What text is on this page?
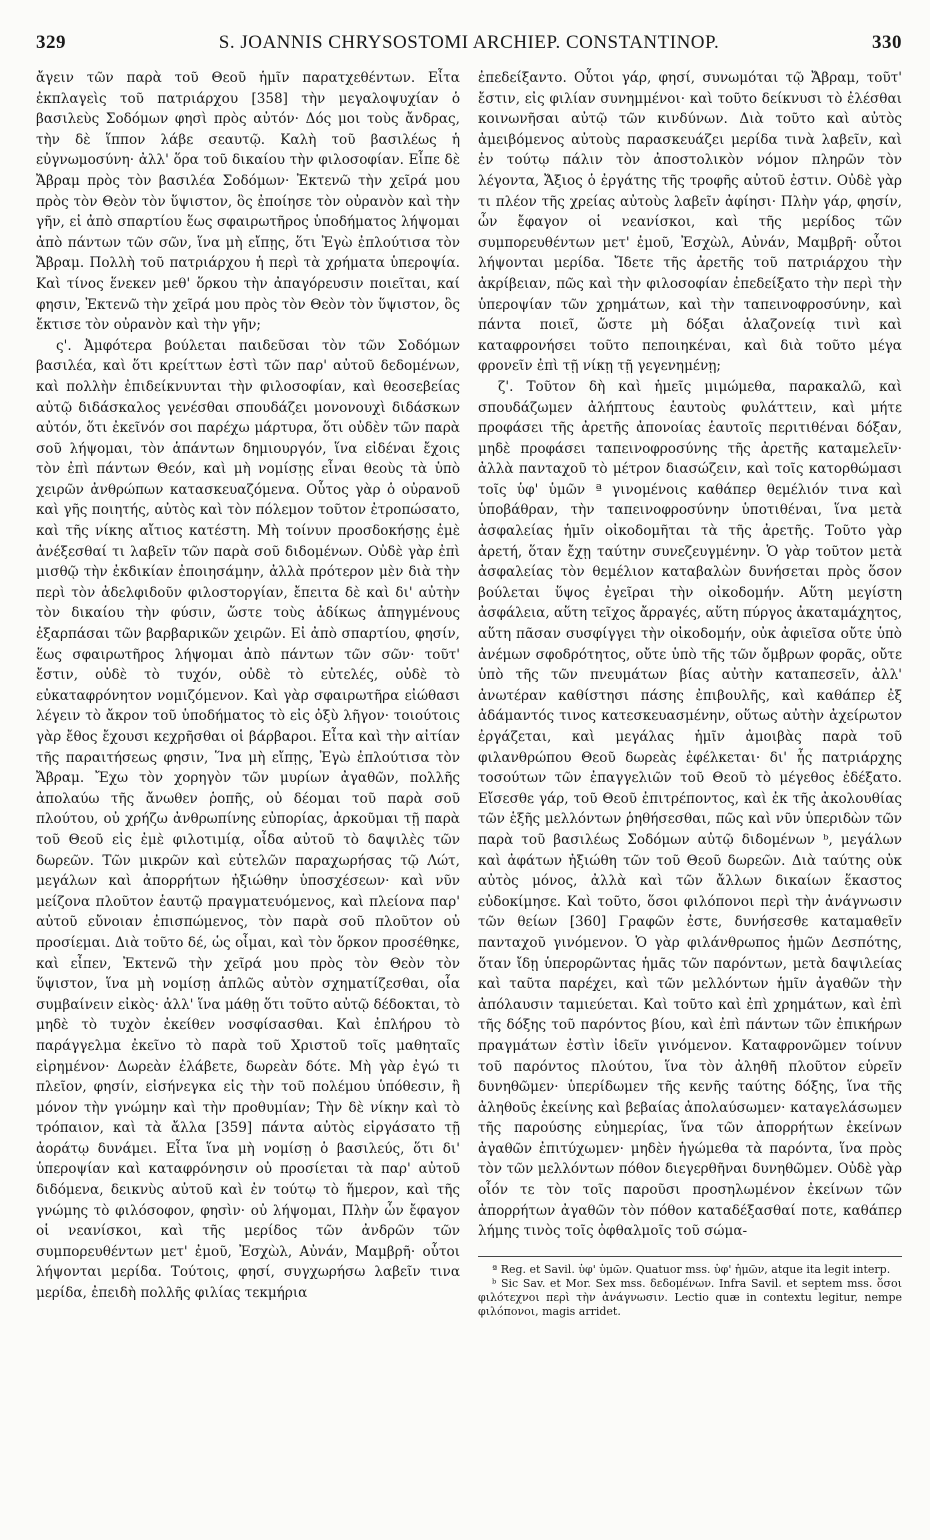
329	S. JOANNIS CHRYSOSTOMI ARCHIEP. CONSTANTINOP.	330

ἄγειν τῶν παρὰ τοῦ Θεοῦ ἡμῖν παρατχεθέντων. Εἶτα ἐκπλαγεὶς τοῦ πατριάρχου [358] τὴν μεγαλοψυχίαν ὁ βασιλεὺς Σοδόμων φησὶ πρὸς αὐτόν· Δός μοι τοὺς ἄνδρας, τὴν δὲ ἵππον λάβε σεαυτῷ. Καλὴ τοῦ βασιλέως ἡ εὐγνωμοσύνη· ἀλλ' ὅρα τοῦ δικαίου τὴν φιλοσοφίαν. Εἶπε δὲ Ἄβραμ πρὸς τὸν βασιλέα Σοδόμων· Ἐκτενῶ τὴν χεῖρά μου πρὸς τὸν Θεὸν τὸν ὕψιστον, ὃς ἐποίησε τὸν οὐρανὸν καὶ τὴν γῆν, εἰ ἀπὸ σπαρτίου ἕως σφαιρωτῆρος ὑποδήματος λήψομαι ἀπὸ πάντων τῶν σῶν, ἵνα μὴ εἴπῃς, ὅτι Ἐγὼ ἐπλούτισα τὸν Ἄβραμ. Πολλὴ τοῦ πατριάρχου ἡ περὶ τὰ χρήματα ὑπεροψία. Καὶ τίνος ἕνεκεν μεθ' ὅρκου τὴν ἀπαγόρευσιν ποιεῖται, καί φησιν, Ἐκτενῶ τὴν χεῖρά μου πρὸς τὸν Θεὸν τὸν ὕψιστον, ὃς ἔκτισε τὸν οὐρανὸν καὶ τὴν γῆν;

ς'. Ἀμφότερα βούλεται παιδεῦσαι τὸν τῶν Σοδόμων βασιλέα, καὶ ὅτι κρείττων ἐστὶ τῶν παρ' αὐτοῦ δεδομένων, καὶ πολλὴν ἐπιδείκνυνται τὴν φιλοσοφίαν, καὶ θεοσεβείας αὐτῷ διδάσκαλος γενέσθαι σπουδάζει μονονουχὶ διδάσκων αὐτόν, ὅτι ἐκεῖνόν σοι παρέχω μάρτυρα, ὅτι οὐδὲν τῶν παρὰ σοῦ λήψομαι, τὸν ἁπάντων δημιουργόν, ἵνα εἰδέναι ἔχοις τὸν ἐπὶ πάντων Θεόν, καὶ μὴ νομίσῃς εἶναι θεοὺς τὰ ὑπὸ χειρῶν ἀνθρώπων κατασκευαζόμενα. Οὗτος γὰρ ὁ οὐρανοῦ καὶ γῆς ποιητής, αὐτὸς καὶ τὸν πόλεμον τοῦτον ἐτροπώσατο, καὶ τῆς νίκης αἴτιος κατέστη. Μὴ τοίνυν προσδοκήσῃς ἐμὲ ἀνέξεσθαί τι λαβεῖν τῶν παρὰ σοῦ διδομένων. Οὐδὲ γὰρ ἐπὶ μισθῷ τὴν ἐκδικίαν ἐποιησάμην, ἀλλὰ πρότερον μὲν διὰ τὴν περὶ τὸν ἀδελφιδοῦν φιλοστοργίαν, ἔπειτα δὲ καὶ δι' αὐτὴν τὸν δικαίου τὴν φύσιν, ὥστε τοὺς ἀδίκως ἀπηγμένους ἐξαρπάσαι τῶν βαρβαρικῶν χειρῶν. Εἰ ἀπὸ σπαρτίου, φησίν, ἕως σφαιρωτῆρος λήψομαι ἀπὸ πάντων τῶν σῶν· τοῦτ' ἔστιν, οὐδὲ τὸ τυχόν, οὐδὲ τὸ εὐτελές, οὐδὲ τὸ εὐκαταφρόνητον νομιζόμενον. Καὶ γὰρ σφαιρωτῆρα εἰώθασι λέγειν τὸ ἄκρον τοῦ ὑποδήματος τὸ εἰς ὀξὺ λῆγον· τοιούτοις γὰρ ἔθος ἔχουσι κεχρῆσθαι οἱ βάρβαροι. Εἶτα καὶ τὴν αἰτίαν τῆς παραιτήσεως φησιν, Ἵνα μὴ εἴπῃς, Ἐγὼ ἐπλούτισα τὸν Ἄβραμ. Ἔχω τὸν χορηγὸν τῶν μυρίων ἀγαθῶν, πολλῆς ἀπολαύω τῆς ἄνωθεν ῥοπῆς, οὐ δέομαι τοῦ παρὰ σοῦ πλούτου, οὐ χρήζω ἀνθρωπίνης εὐπορίας, ἀρκοῦμαι τῇ παρὰ τοῦ Θεοῦ εἰς ἐμὲ φιλοτιμίᾳ, οἶδα αὐτοῦ τὸ δαψιλὲς τῶν δωρεῶν. Τῶν μικρῶν καὶ εὐτελῶν παραχωρήσας τῷ Λώτ, μεγάλων καὶ ἀπορρήτων ἠξιώθην ὑποσχέσεων· καὶ νῦν μείζονα πλοῦτον ἑαυτῷ πραγματευόμενος, καὶ πλείονα παρ' αὐτοῦ εὔνοιαν ἐπισπώμενος, τὸν παρὰ σοῦ πλοῦτον οὐ προσίεμαι. Διὰ τοῦτο δέ, ὡς οἶμαι, καὶ τὸν ὅρκον προσέθηκε, καὶ εἶπεν, Ἐκτενῶ τὴν χεῖρά μου πρὸς τὸν Θεὸν τὸν ὕψιστον, ἵνα μὴ νομίσῃ ἁπλῶς αὐτὸν σχηματίζεσθαι, οἷα συμβαίνειν εἰκὸς· ἀλλ' ἵνα μάθῃ ὅτι τοῦτο αὐτῷ δέδοκται, τὸ μηδὲ τὸ τυχὸν ἐκείθεν νοσφίσασθαι. Καὶ ἐπλήρου τὸ παράγγελμα ἐκεῖνο τὸ παρὰ τοῦ Χριστοῦ τοῖς μαθηταῖς εἰρημένον· Δωρεὰν ἐλάβετε, δωρεὰν δότε. Μὴ γὰρ ἐγώ τι πλεῖον, φησίν, εἰσήνεγκα εἰς τὴν τοῦ πολέμου ὑπόθεσιν, ἢ μόνον τὴν γνώμην καὶ τὴν προθυμίαν; Τὴν δὲ νίκην καὶ τὸ τρόπαιον, καὶ τὰ ἄλλα [359] πάντα αὐτὸς εἰργάσατο τῇ ἀοράτῳ δυνάμει. Εἶτα ἵνα μὴ νομίσῃ ὁ βασιλεύς, ὅτι δι' ὑπεροψίαν καὶ καταφρόνησιν οὐ προσίεται τὰ παρ' αὐτοῦ διδόμενα, δεικνὺς αὐτοῦ καὶ ἐν τούτῳ τὸ ἥμερον, καὶ τῆς γνώμης τὸ φιλόσοφον, φησὶν· οὐ λήψομαι, Πλὴν ὧν ἔφαγον οἱ νεανίσκοι, καὶ τῆς μερίδος τῶν ἀνδρῶν τῶν συμπορευθέντων μετ' ἐμοῦ, Ἐσχὼλ, Αὐνάν, Μαμβρῆ· οὗτοι λήψονται μερίδα. Τούτοις, φησί, συγχωρήσω λαβεῖν τινα μερίδα, ἐπειδὴ πολλῆς φιλίας τεκμήρια

ἐπεδείξαντο. Οὗτοι γάρ, φησί, συνωμόται τῷ Ἄβραμ, τοῦτ' ἔστιν, εἰς φιλίαν συνημμένοι· καὶ τοῦτο δείκνυσι τὸ ἐλέσθαι κοινωνῆσαι αὐτῷ τῶν κινδύνων. Διὰ τοῦτο καὶ αὐτὸς ἀμειβόμενος αὐτοὺς παρασκευάζει μερίδα τινὰ λαβεῖν, καὶ ἐν τούτῳ πάλιν τὸν ἀποστολικὸν νόμον πληρῶν τὸν λέγοντα, Ἄξιος ὁ ἐργάτης τῆς τροφῆς αὐτοῦ ἐστιν. Οὐδὲ γὰρ τι πλέον τῆς χρείας αὐτοὺς λαβεῖν ἀφίησι· Πλὴν γάρ, φησίν, ὧν ἔφαγον οἱ νεανίσκοι, καὶ τῆς μερίδος τῶν συμπορευθέντων μετ' ἐμοῦ, Ἐσχὼλ, Αὐνάν, Μαμβρῆ· οὗτοι λήψονται μερίδα. Ἴδετε τῆς ἀρετῆς τοῦ πατριάρχου τὴν ἀκρίβειαν, πῶς καὶ τὴν φιλοσοφίαν ἐπεδείξατο τὴν περὶ τὴν ὑπεροψίαν τῶν χρημάτων, καὶ τὴν ταπεινοφροσύνην, καὶ πάντα ποιεῖ, ὥστε μὴ δόξαι ἀλαζονείᾳ τινὶ καὶ καταφρονήσει τοῦτο πεποιηκέναι, καὶ διὰ τοῦτο μέγα φρονεῖν ἐπὶ τῇ νίκῃ τῇ γεγενημένῃ;

ζ'. Τοῦτον δὴ καὶ ἡμεῖς μιμώμεθα, παρακαλῶ, καὶ σπουδάζωμεν ἀλήπτους ἑαυτοὺς φυλάττειν, καὶ μήτε προφάσει τῆς ἀρετῆς ἀπονοίας ἑαυτοῖς περιτιθέναι δόξαν, μηδὲ προφάσει ταπεινοφροσύνης τῆς ἀρετῆς καταμελεῖν· ἀλλὰ πανταχοῦ τὸ μέτρον διασώζειν, καὶ τοῖς κατορθώμασι τοῖς ὑφ' ὑμῶν ª γινομένοις καθάπερ θεμέλιόν τινα καὶ ὑποβάθραν, τὴν ταπεινοφροσύνην ὑποτιθέναι, ἵνα μετὰ ἀσφαλείας ἡμῖν οἰκοδομῆται τὰ τῆς ἀρετῆς. Τοῦτο γὰρ ἀρετή, ὅταν ἔχῃ ταύτην συνεζευγμένην. Ὁ γὰρ τοῦτον μετὰ ἀσφαλείας τὸν θεμέλιον καταβαλὼν δυνήσεται πρὸς ὅσον βούλεται ὕψος ἐγεῖραι τὴν οἰκοδομήν. Αὕτη μεγίστη ἀσφάλεια, αὕτη τεῖχος ἄρραγές, αὕτη πύργος ἀκαταμάχητος, αὕτη πᾶσαν συσφίγγει τὴν οἰκοδομήν, οὐκ ἀφιεῖσα οὔτε ὑπὸ ἀνέμων σφοδρότητος, οὔτε ὑπὸ τῆς τῶν ὄμβρων φορᾶς, οὔτε ὑπὸ τῆς τῶν πνευμάτων βίας αὐτὴν καταπεσεῖν, ἀλλ' ἀνωτέραν καθίστησι πάσης ἐπιβουλῆς, καὶ καθάπερ ἐξ ἀδάμαντός τινος κατεσκευασμένην, οὕτως αὐτὴν ἀχείρωτον ἐργάζεται, καὶ μεγάλας ἡμῖν ἀμοιβὰς παρὰ τοῦ φιλανθρώπου Θεοῦ δωρεὰς ἐφέλκεται· δι' ἧς πατριάρχης τοσούτων τῶν ἐπαγγελιῶν τοῦ Θεοῦ τὸ μέγεθος ἐδέξατο. Εἴσεσθε γάρ, τοῦ Θεοῦ ἐπιτρέποντος, καὶ ἐκ τῆς ἀκολουθίας τῶν ἑξῆς μελλόντων ῥηθήσεσθαι, πῶς καὶ νῦν ὑπεριδὼν τῶν παρὰ τοῦ βασιλέως Σοδόμων αὐτῷ διδομένων ᵇ, μεγάλων καὶ ἀφάτων ἠξιώθη τῶν τοῦ Θεοῦ δωρεῶν. Διὰ ταύτης οὐκ αὐτὸς μόνος, ἀλλὰ καὶ τῶν ἄλλων δικαίων ἕκαστος εὐδοκίμησε. Καὶ τοῦτο, ὅσοι φιλόπονοι περὶ τὴν ἀνάγνωσιν τῶν θείων [360] Γραφῶν ἐστε, δυνήσεσθε καταμαθεῖν πανταχοῦ γινόμενον. Ὁ γὰρ φιλάνθρωπος ἡμῶν Δεσπότης, ὅταν ἴδῃ ὑπερορῶντας ἡμᾶς τῶν παρόντων, μετὰ δαψιλείας καὶ ταῦτα παρέχει, καὶ τῶν μελλόντων ἡμῖν ἀγαθῶν τὴν ἀπόλαυσιν ταμιεύεται. Καὶ τοῦτο καὶ ἐπὶ χρημάτων, καὶ ἐπὶ τῆς δόξης τοῦ παρόντος βίου, καὶ ἐπὶ πάντων τῶν ἐπικήρων πραγμάτων ἐστὶν ἰδεῖν γινόμενον. Καταφρονῶμεν τοίνυν τοῦ παρόντος πλούτου, ἵνα τὸν ἀληθῆ πλοῦτον εὑρεῖν δυνηθῶμεν· ὑπερίδωμεν τῆς κενῆς ταύτης δόξης, ἵνα τῆς ἀληθοῦς ἐκείνης καὶ βεβαίας ἀπολαύσωμεν· καταγελάσωμεν τῆς παρούσης εὐημερίας, ἵνα τῶν ἀπορρήτων ἐκείνων ἀγαθῶν ἐπιτύχωμεν· μηδὲν ἡγώμεθα τὰ παρόντα, ἵνα πρὸς τὸν τῶν μελλόντων πόθον διεγερθῆναι δυνηθῶμεν. Οὐδὲ γὰρ οἷόν τε τὸν τοῖς παροῦσι προσηλωμένον ἐκείνων τῶν ἀπορρήτων ἀγαθῶν τὸν πόθον καταδέξασθαί ποτε, καθάπερ λήμης τινὸς τοῖς ὀφθαλμοῖς τοῦ σώμα-

ª Reg. et Savil. ὑφ' ὑμῶν. Quatuor mss. ὑφ' ἡμῶν, atque ita legit interp.

ᵇ Sic Sav. et Mor. Sex mss. δεδομένων. Infra Savil. et septem mss. ὅσοι φιλότεχνοι περὶ τὴν ἀνάγνωσιν. Lectio quæ in contextu legitur, nempe φιλόπονοι, magis arridet.
